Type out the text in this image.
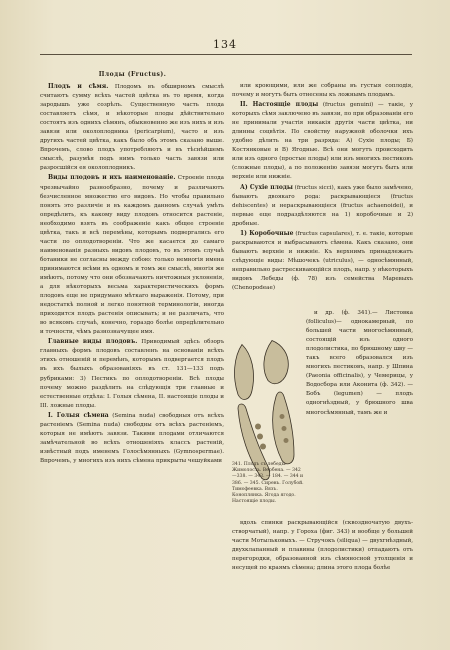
134
Плоды (Fructus).

Плодъ и сѣмя. Плодомъ въ обширномъ смыслѣ считаютъ сумму всѣхъ частей цвѣтка въ то время, когда зародышъ уже созрѣлъ. Существенную часть плода составляетъ сѣмя, и нѣкоторые плоды дѣйствительно состоятъ изъ однихъ сѣмянъ, обыкновенно же изъ нихъ и изъ завязи или околоплодника (pericarpium), часто и изъ другихъ частей цвѣтка, какъ было объ этомъ сказано выше. Впрочемъ, слово плодъ употребляютъ и въ тѣснѣйшемъ смыслѣ, разумѣя подъ нимъ только часть завязи или разросшійся ея околоплодникъ.

Виды плодовъ и ихъ наименованіе. Строеніе плода чрезвычайно разнообразно, почему и различаютъ безчисленное множество его видовъ. Но чтобы правильно понять это различіе и въ каждомъ данномъ случаѣ умѣть опредѣлить, къ какому виду плодовъ относится растеніе, необходимо взять въ соображеніе какъ общее строеніе цвѣтка, такъ и всѣ перемѣны, которымъ подвергались его части по оплодотвореніи. Что же касается до самаго наименованія разныхъ видовъ плодовъ, то въ этомъ случаѣ ботаники не согласны между собою: только немногія имена принимаются всѣми въ одномъ и томъ же смыслѣ, многія же имѣютъ, потому что они обозначаютъ ничтожныя уклоненія, а для нѣкоторыхъ весьма характеристическихъ формъ плодовъ еще не придумано мѣткаго выраженія. Потому, при недостаткѣ полной и легко понятной терминологіи, иногда приходится плодъ растенія описывать; и не различать, что во всякомъ случаѣ, конечно, гораздо болѣе опредѣлительно и точности, чѣмъ разнозначущее имя.

Главные виды плодовъ. Приводимый здѣсь обзоръ главныхъ формъ плодовъ составленъ на основаніи всѣхъ этихъ отношеній и перемѣнъ, которымъ подвергается плодъ въ ихъ былыхъ образованіяхъ въ ст. 131—133 подъ рубриками: 3) Пестикъ по оплодотвореніи. Всѣ плоды почему можно раздѣлить на слѣдующія три главные и естественные отдѣла: I. Голыя сѣмена, II. настоящіе плоды и III. ложные плоды.

I. Голыя сѣмена (Semina nuda) свободныя отъ всѣхъ растеніемъ (Semina nuda) свободны отъ всѣхъ растеніемъ, которыя не имѣютъ завязи. Такими плодами отличаются замѣчательной во всѣхъ отношеніяхъ классъ растеній, извѣстный подъ именемъ Голосѣмянныхъ (Gymnospermae). Впрочемъ, у многихъ изъ нихъ сѣмена прикрыты чешуйками

или кроющими, или же собраны въ густыя соплодія, почему и могутъ быть отнесены къ ложнымъ плодамъ.

II. Настоящіе плоды (fructus genuini) — такіе, у которыхъ сѣмя заключено въ завязи, по при образованіи его не принимали участія никакія другія части цвѣтка, ни длинны соцвѣтія. По свойству наружной оболочки ихъ удобно дѣлить на три разряда: А) Сухіе плоды; Б) Костянковые и В) Ягодные. Всѣ они могутъ происходить или изъ одного (простые плоды) или изъ многихъ пестиковъ (сложные плоды), а по положенію завязи могутъ быть или верхніе или нижніе.

А) Сухіе плоды (fructus sicci), какъ уже было замѣчено, бываютъ двоякаго рода: раскрывающіеся (fructus dehiscentes) и нераскрывающіеся (fructus achaenoidei), и первые еще подраздѣляются на 1) коробочные и 2) дробные.

1) Коробочные (fructus capsulares), т. е. такіе, которые раскрываются и выбрасываютъ сѣмена. Какъ сказано, они бываютъ верхніе и нижніе. Къ верхнимъ принадлежатъ слѣдующіе виды: Мѣшочекъ (utriculus), — односѣмянный, неправильно растрескивающійся плодъ, напр. у нѣкоторыхъ видовъ Лебеды (ф. 78) изъ семейства Маревыхъ (Chenopodeae)

341. Плодъ съ лебеды. Жимолость. Вербена. — 342—338. — 343. — 184. — 344 и 386. — 345. Сирень. Голубой. Тимофеевка. Вязъ. Коноплянка. Ягода ягодо. Настоящіе плоды.

и др. (ф. 341).— Листовка (folliculus)— однокамерный, по большей части многосѣмянный, состоящій изъ одного плодолистика, по брюшному шву — такъ всего образовался изъ многихъ пестиковъ, напр. у Шпина (Paeonia officinalis), у Чемерицы, у Водосбора или Аконита (ф. 342). — Бобъ (legumen) — плодъ одногнѣздный, у брюшного шва многосѣмянный, тамъ же и

вдоль спинки раскрывающійся (сквоздночатую двухъ-створчатый), напр. у Гороха (фиг. 343) и вообще у большей части Мотыльковыхъ. — Стручокъ (siliqua) — двухгнѣздный, двухклапанный и плавины (плодолистики) отпадаютъ отъ перегородки, образованной изъ сѣмяносной утолщенія и несущей по краямъ сѣмена; длина этого плода болѣе
